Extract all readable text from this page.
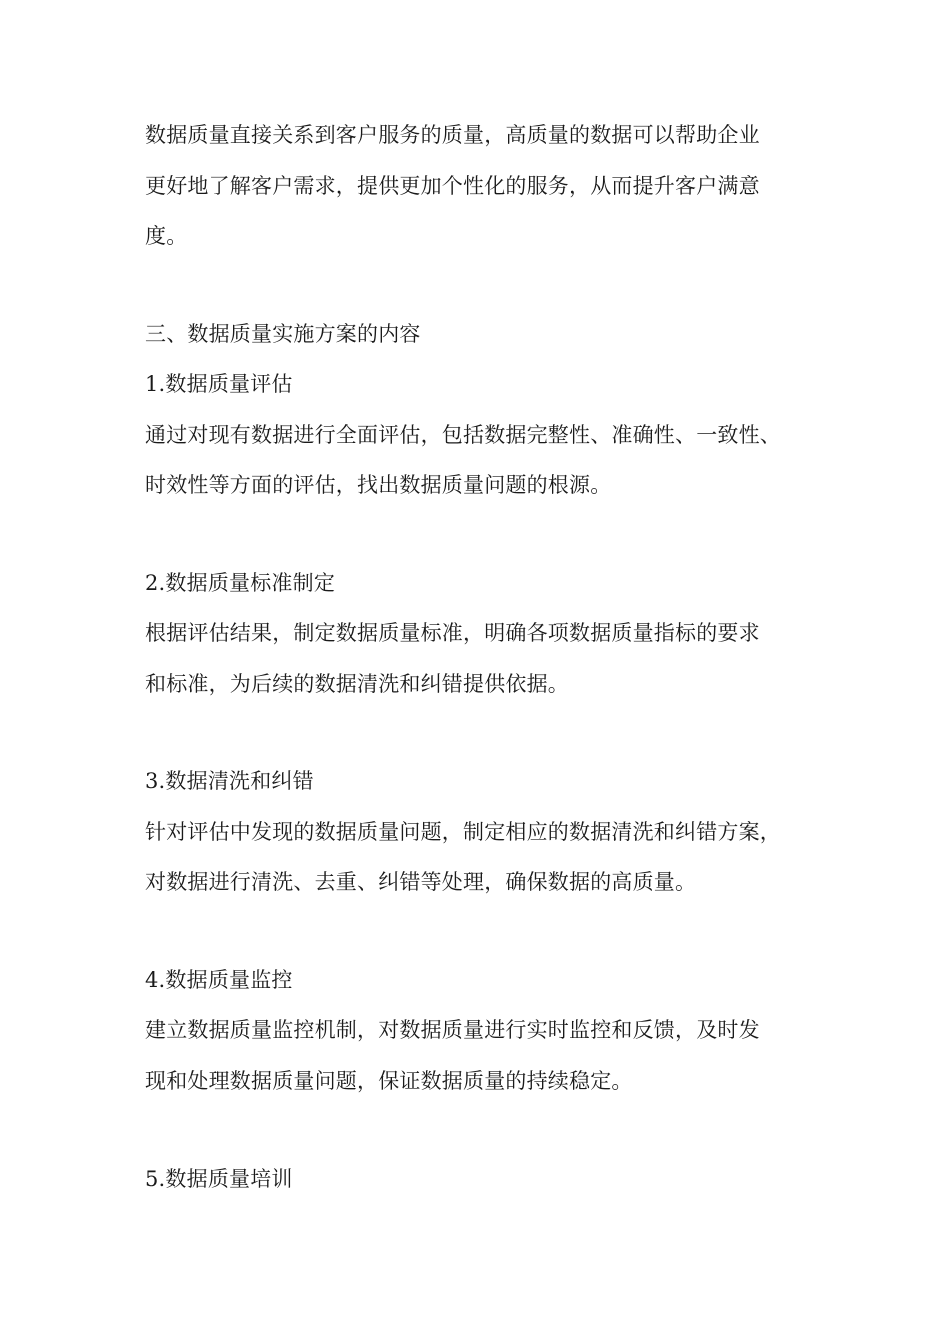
数据质量直接关系到客户服务的质量，高质量的数据可以帮助企业
更好地了解客户需求，提供更加个性化的服务，从而提升客户满意
度。
三、数据质量实施方案的内容
1.数据质量评估
通过对现有数据进行全面评估，包括数据完整性、准确性、一致性、
时效性等方面的评估，找出数据质量问题的根源。
2.数据质量标准制定
根据评估结果，制定数据质量标准，明确各项数据质量指标的要求
和标准，为后续的数据清洗和纠错提供依据。
3.数据清洗和纠错
针对评估中发现的数据质量问题，制定相应的数据清洗和纠错方案，
对数据进行清洗、去重、纠错等处理，确保数据的高质量。
4.数据质量监控
建立数据质量监控机制，对数据质量进行实时监控和反馈，及时发
现和处理数据质量问题，保证数据质量的持续稳定。
5.数据质量培训
